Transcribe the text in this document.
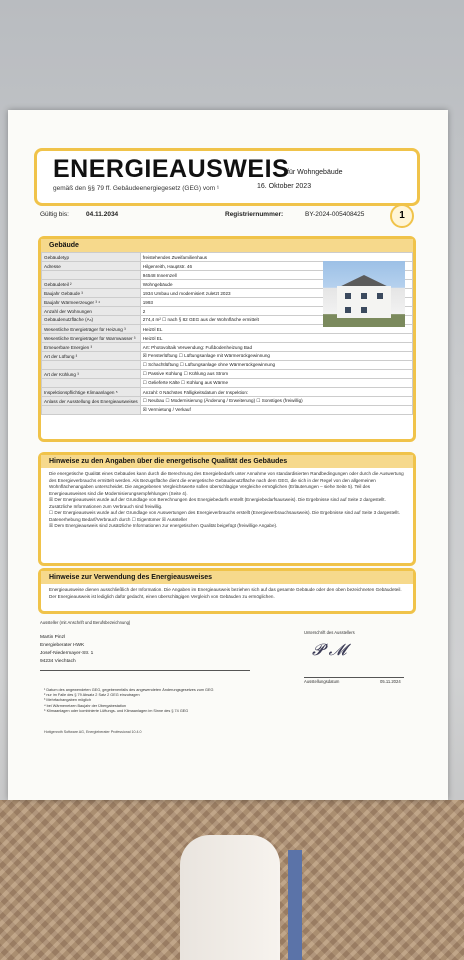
ENERGIEAUSWEIS
für Wohngebäude
gemäß den §§ 79 ff. Gebäudeenergiegesetz (GEG) vom ¹	16. Oktober 2023
Gültig bis:	04.11.2034	Registriernummer:	BY-2024-005408425	1
Gebäude
Gebäudetyp	freistehendes Zweifamilienhaus
Adresse	Hilgenreith, Hauptstr. 46
	94548 Innernzell
Gebäudeteil ²	Wohngebäude
Baujahr Gebäude ³	1934 Umbau und modernisiert zuletzt 2023
Baujahr Wärmeerzeuger ³ ⁴	1993
Anzahl der Wohnungen	2
Gebäudenutzfläche (Aₙ)	274,4 m² ☐ nach § 82 GEG aus der Wohnfläche ermittelt
Wesentliche Energieträger für Heizung ³	Heizöl EL
Wesentliche Energieträger für Warmwasser ³	Heizöl EL
Erneuerbare Energien ³	Art: Photovoltaik Verwendung: Fußbodenheizung Bad
Art der Lüftung ³	☒ Fensterlüftung ☐ Lüftungsanlage mit Wärmerückgewinnung
	☐ Schachtlüftung ☐ Lüftungsanlage ohne Wärmerückgewinnung
Art der Kühlung ³	☐ Passive Kühlung ☐ Kühlung aus Strom
	☐ Gelieferte Kälte ☐ Kühlung aus Wärme
Inspektionspflichtige Klimaanlagen ⁵	Anzahl: 0 Nächstes Fälligkeitsdatum der Inspektion:
Anlass der Ausstellung des Energieausweises	☐ Neubau ☐ Modernisierung (Änderung / Erweiterung) ☐ Sonstiges (freiwillig)
	☒ Vermietung / Verkauf
Hinweise zu den Angaben über die energetische Qualität des Gebäudes
Die energetische Qualität eines Gebäudes kann durch die Berechnung des Energiebedarfs unter Annahme von standardisierten Randbedingungen oder durch die Auswertung des Energieverbrauchs ermittelt werden. Als Bezugsfläche dient die energetische Gebäudenutzfläche nach dem GEG, die sich in der Regel von den allgemeinen Wohnflächenangaben unterscheidet. Die angegebenen Vergleichswerte sollen überschlägige Vergleiche ermöglichen (Erläuterungen – siehe Seite 5). Teil des Energieausweises sind die Modernisierungsempfehlungen (Seite 4).
☒ Der Energieausweis wurde auf der Grundlage von Berechnungen des Energiebedarfs erstellt (Energiebedarfsausweis). Die Ergebnisse sind auf Seite 2 dargestellt. Zusätzliche Informationen zum Verbrauch sind freiwillig.
☐ Der Energieausweis wurde auf der Grundlage von Auswertungen des Energieverbrauchs erstellt (Energieverbrauchsausweis). Die Ergebnisse sind auf Seite 3 dargestellt.
Datenerhebung Bedarf/Verbrauch durch ☐ Eigentümer ☒ Aussteller
☒ Dem Energieausweis sind zusätzliche Informationen zur energetischen Qualität beigefügt (freiwillige Angabe).
Hinweise zur Verwendung des Energieausweises
Energieausweise dienen ausschließlich der Information. Die Angaben im Energieausweis beziehen sich auf das gesamte Gebäude oder den oben bezeichneten Gebäudeteil. Der Energieausweis ist lediglich dafür gedacht, einen überschlägigen Vergleich von Gebäuden zu ermöglichen.
Aussteller (mit Anschrift und Berufsbezeichnung)
Martin Pinzl
Energieberater HWK
Josef-Niedermayer-Str. 1
94234 Viechtach
Unterschrift des Ausstellers
𝓟 𝓜
Ausstellungsdatum	05.11.2024
¹ Datum des angewendeten GEG, gegebenenfalls des angewendeten Änderungsgesetzes zum GEG
² nur im Falle des § 79 Absatz 2 Satz 2 GEG einzutragen
³ Mehrfachangaben möglich
⁴ bei Wärmenetzen Baujahr der Übergabestation
⁵ Klimaanlagen oder kombinierte Lüftungs- und Klimaanlagen im Sinne des § 74 GEG
Hottgenroth Software AG, Energieberater Professional 10.4.0
